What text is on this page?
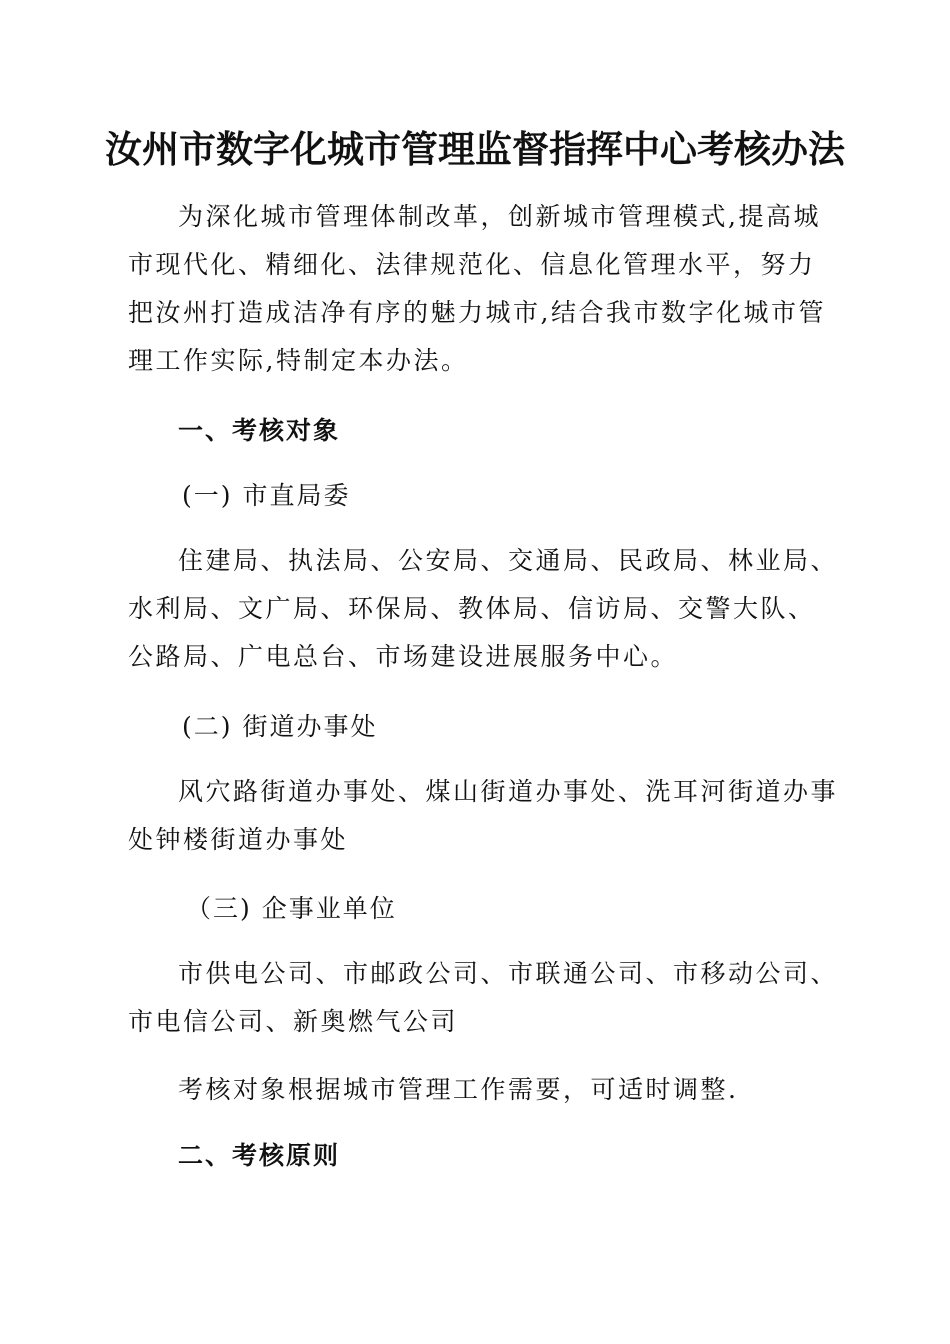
汝州市数字化城市管理监督指挥中心考核办法

为深化城市管理体制改革，创新城市管理模式,提高城市现代化、精细化、法律规范化、信息化管理水平，努力把汝州打造成洁净有序的魅力城市,结合我市数字化城市管理工作实际,特制定本办法。

一、考核对象
(一) 市直局委

住建局、执法局、公安局、交通局、民政局、林业局、水利局、文广局、环保局、教体局、信访局、交警大队、公路局、广电总台、市场建设进展服务中心。

(二) 街道办事处

风穴路街道办事处、煤山街道办事处、洗耳河街道办事处钟楼街道办事处

（三) 企事业单位

市供电公司、市邮政公司、市联通公司、市移动公司、市电信公司、新奥燃气公司

考核对象根据城市管理工作需要，可适时调整.

二、考核原则
